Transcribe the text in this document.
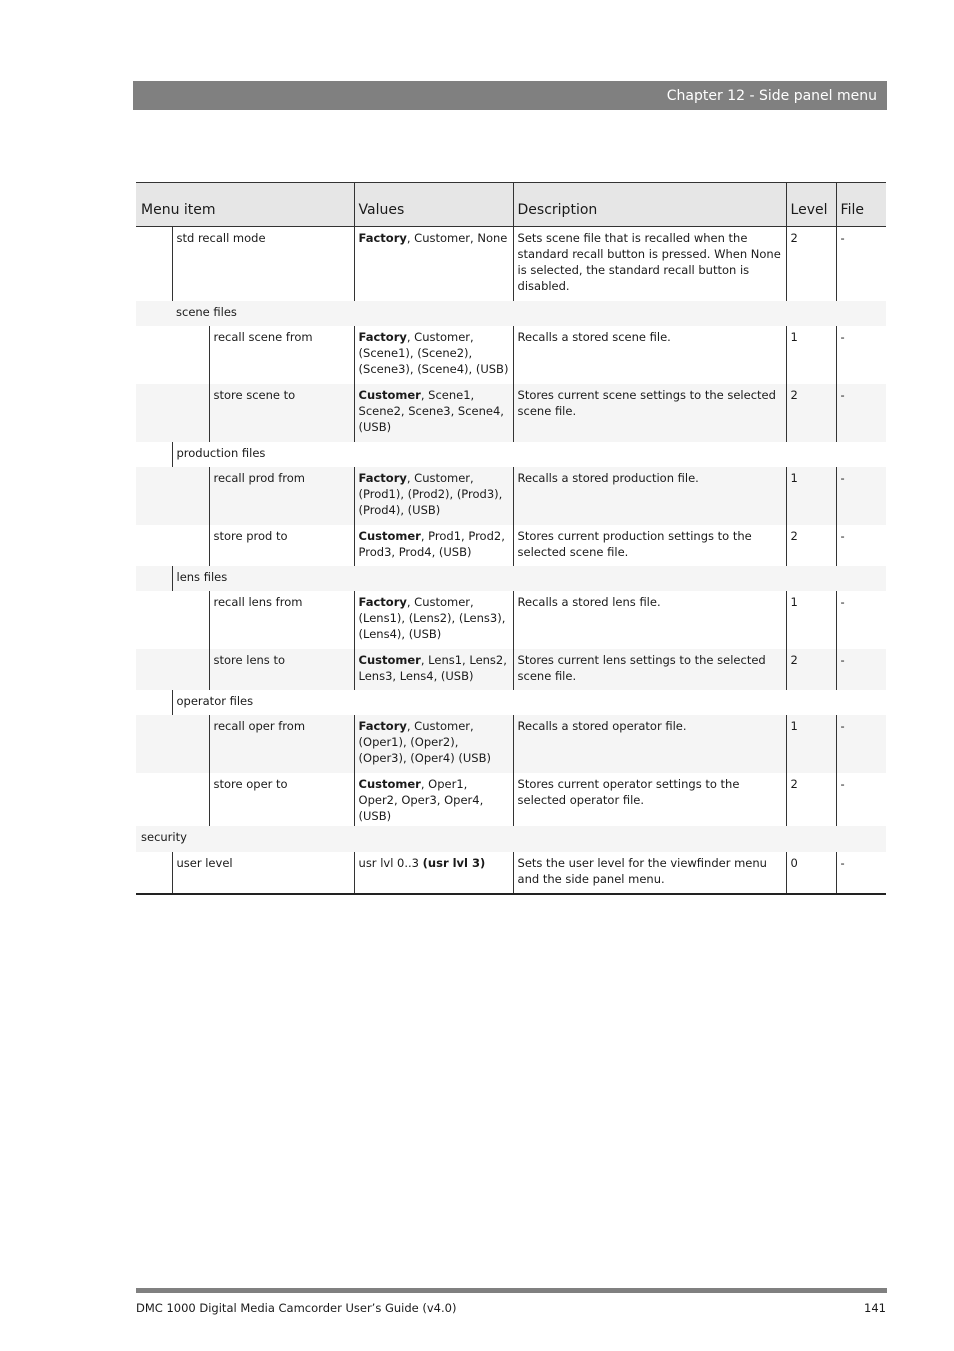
Chapter 12 - Side panel menu
Menu item			Values	Description	Level	File
	std recall mode		Factory, Customer, None	Sets scene file that is recalled when the standard recall button is pressed. When None is selected, the standard recall button is disabled.	2	-
	scene files					
		recall scene from	Factory, Customer, (Scene1), (Scene2), (Scene3), (Scene4), (USB)	Recalls a stored scene file.	1	-
		store scene to	Customer, Scene1, Scene2, Scene3, Scene4, (USB)	Stores current scene settings to the selected scene file.	2	-
	production files					
		recall prod from	Factory, Customer, (Prod1), (Prod2), (Prod3), (Prod4), (USB)	Recalls a stored production file.	1	-
		store prod to	Customer, Prod1, Prod2, Prod3, Prod4, (USB)	Stores current production settings to the selected scene file.	2	-
	lens files					
		recall lens from	Factory, Customer, (Lens1), (Lens2), (Lens3), (Lens4), (USB)	Recalls a stored lens file.	1	-
		store lens to	Customer, Lens1, Lens2, Lens3, Lens4, (USB)	Stores current lens settings to the selected scene file.	2	-
	operator files					
		recall oper from	Factory, Customer, (Oper1), (Oper2), (Oper3), (Oper4) (USB)	Recalls a stored operator file.	1	-
		store oper to	Customer, Oper1, Oper2, Oper3, Oper4, (USB)	Stores current operator settings to the selected operator file.	2	-
security						
	user level		usr lvl 0..3 (usr lvl 3)	Sets the user level for the viewfinder menu and the side panel menu.	0	-
DMC 1000 Digital Media Camcorder User’s Guide (v4.0)	141
